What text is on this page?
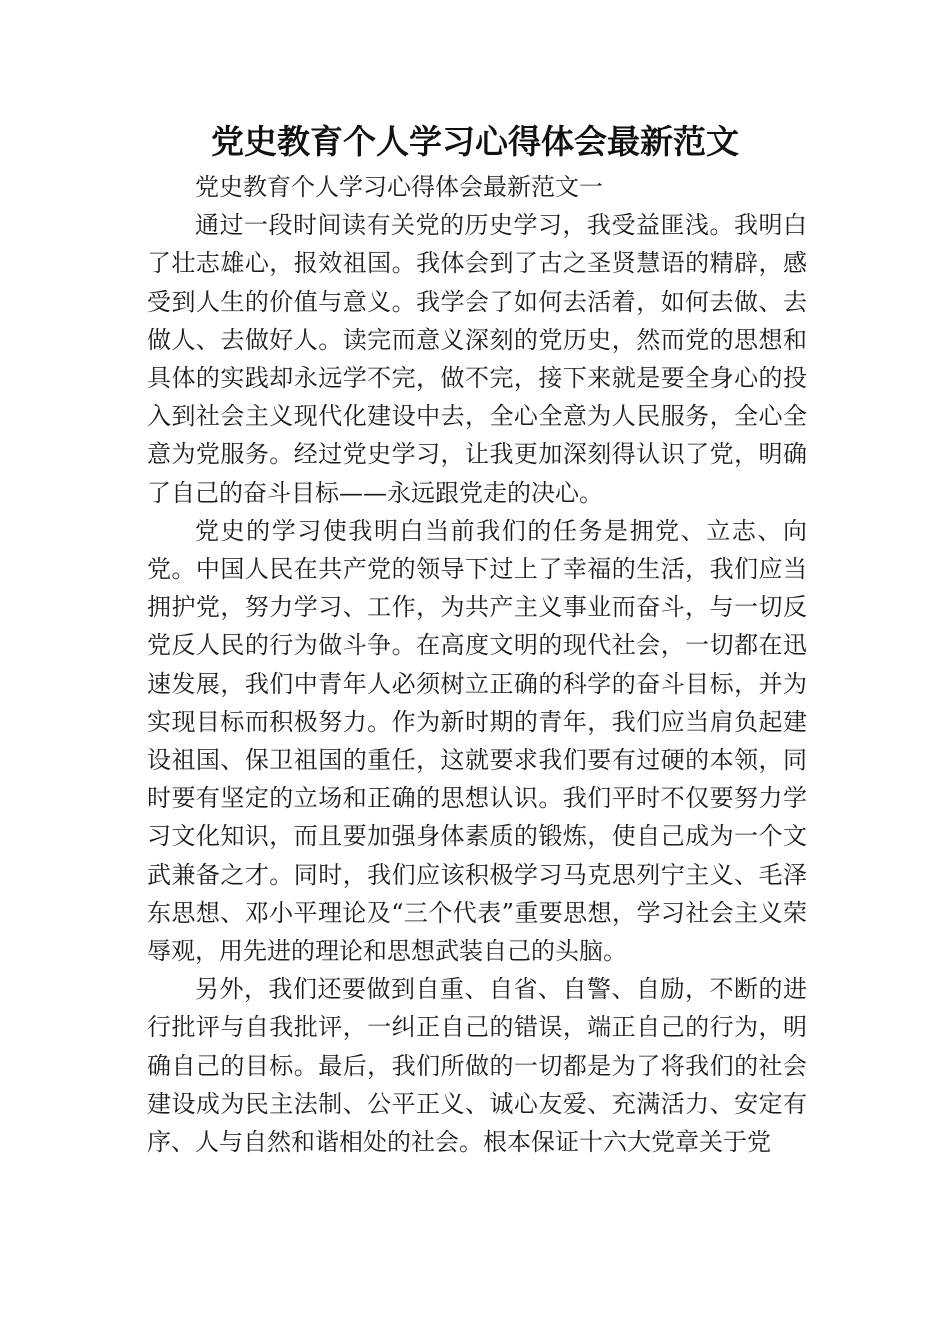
党史教育个人学习心得体会最新范文

党史教育个人学习心得体会最新范文一

通过一段时间读有关党的历史学习，我受益匪浅。我明白了壮志雄心，报效祖国。我体会到了古之圣贤慧语的精辟，感受到人生的价值与意义。我学会了如何去活着，如何去做、去做人、去做好人。读完而意义深刻的党历史，然而党的思想和具体的实践却永远学不完，做不完，接下来就是要全身心的投入到社会主义现代化建设中去，全心全意为人民服务，全心全意为党服务。经过党史学习，让我更加深刻得认识了党，明确了自己的奋斗目标——永远跟党走的决心。

党史的学习使我明白当前我们的任务是拥党、立志、向党。中国人民在共产党的领导下过上了幸福的生活，我们应当拥护党，努力学习、工作，为共产主义事业而奋斗，与一切反党反人民的行为做斗争。在高度文明的现代社会，一切都在迅速发展，我们中青年人必须树立正确的科学的奋斗目标，并为实现目标而积极努力。作为新时期的青年，我们应当肩负起建设祖国、保卫祖国的重任，这就要求我们要有过硬的本领，同时要有坚定的立场和正确的思想认识。我们平时不仅要努力学习文化知识，而且要加强身体素质的锻炼，使自己成为一个文武兼备之才。同时，我们应该积极学习马克思列宁主义、毛泽东思想、邓小平理论及“三个代表”重要思想，学习社会主义荣辱观，用先进的理论和思想武装自己的头脑。

另外，我们还要做到自重、自省、自警、自励，不断的进行批评与自我批评，一纠正自己的错误，端正自己的行为，明确自己的目标。最后，我们所做的一切都是为了将我们的社会建设成为民主法制、公平正义、诚心友爱、充满活力、安定有序、人与自然和谐相处的社会。根本保证十六大党章关于党
